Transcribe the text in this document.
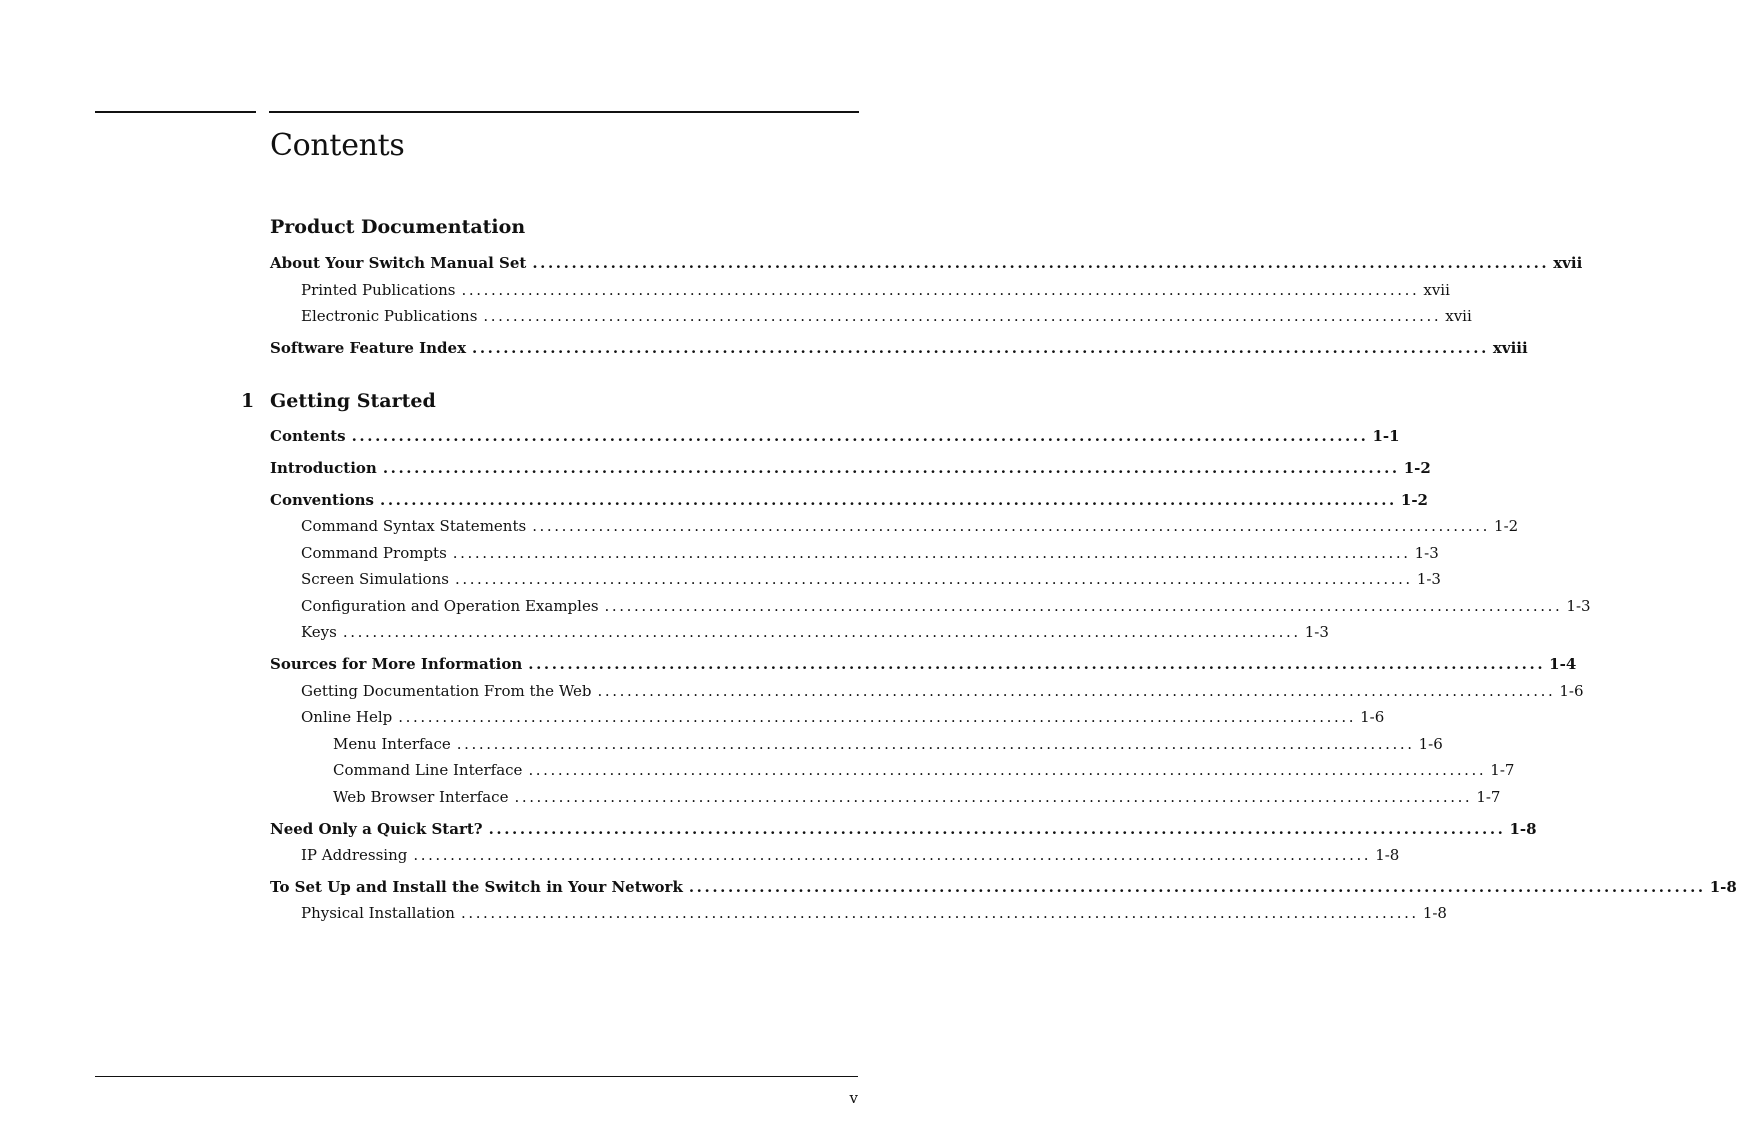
Contents
Product Documentation
About Your Switch Manual Set .................................................................................................................................. xvii
Printed Publications .................................................................................................................................. xvii
Electronic Publications .................................................................................................................................. xvii
Software Feature Index .................................................................................................................................. xviii
1 Getting Started
Contents .................................................................................................................................. 1-1
Introduction .................................................................................................................................. 1-2
Conventions .................................................................................................................................. 1-2
Command Syntax Statements .................................................................................................................................. 1-2
Command Prompts .................................................................................................................................. 1-3
Screen Simulations .................................................................................................................................. 1-3
Configuration and Operation Examples .................................................................................................................................. 1-3
Keys .................................................................................................................................. 1-3
Sources for More Information .................................................................................................................................. 1-4
Getting Documentation From the Web .................................................................................................................................. 1-6
Online Help .................................................................................................................................. 1-6
Menu Interface .................................................................................................................................. 1-6
Command Line Interface .................................................................................................................................. 1-7
Web Browser Interface .................................................................................................................................. 1-7
Need Only a Quick Start? .................................................................................................................................. 1-8
IP Addressing .................................................................................................................................. 1-8
To Set Up and Install the Switch in Your Network .................................................................................................................................. 1-8
Physical Installation .................................................................................................................................. 1-8
v
